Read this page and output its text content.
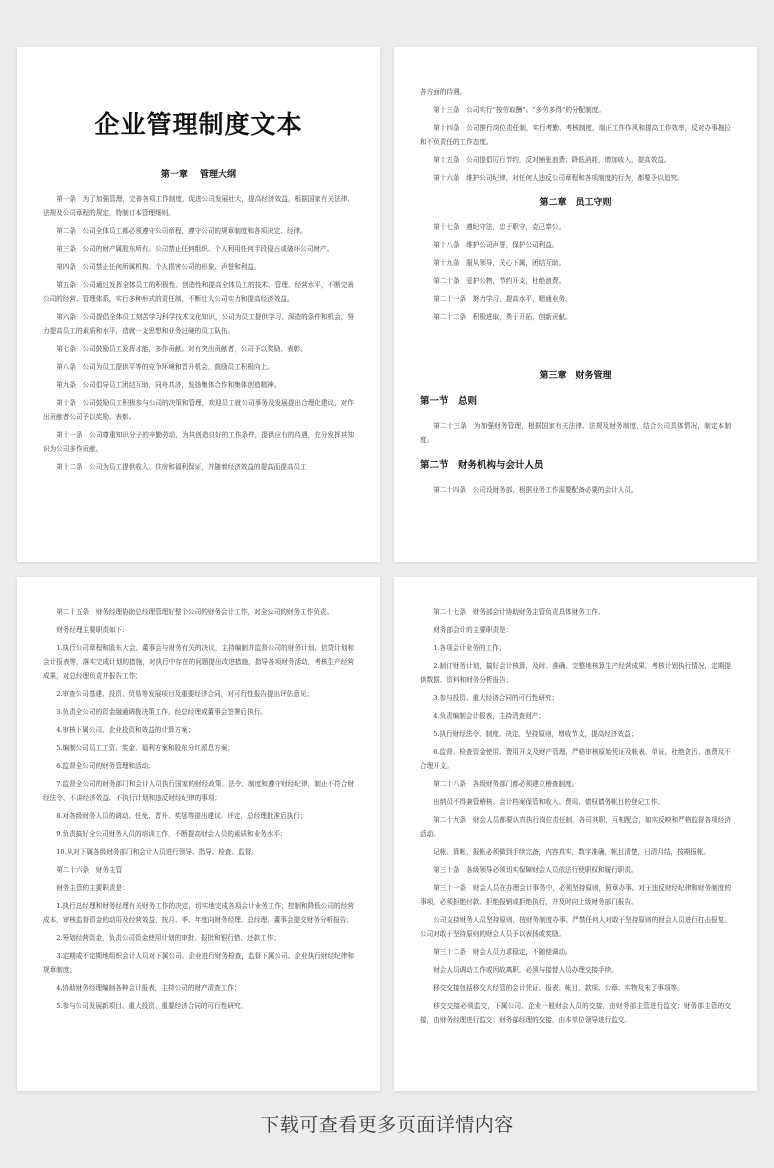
企业管理制度文本
第一章　 管理大纲

第一条　为了加强管理，完善各项工作制度，促进公司发展壮大，提高经济效益，根据国家有关法律、法规及公司章程的规定，特制订本管理细则。

第二条　公司全体员工都必须遵守公司章程，遵守公司的规章制度和各项决定、经律。

第三条　公司的财产属股东所有。公司禁止任何组织、个人利用任何手段侵占或破坏公司财产。

第四条　公司禁止任何所属机构、个人损害公司的形象、声誉和利益。

第五条　公司通过发挥全体员工的积极性、创造性和提高全体员工的技术、管理、经营水平，不断完善公司的经营、管理体系，实行多种形式的责任制，不断壮大公司实力和提高经济效益。

第六条　公司提倡全体员工刻苦学习科学技术文化知识，公司为员工提供学习、深造的条件和机会，努力提高员工的素质和水平，造就一支思想和业务过硬的员工队伍。

第七条　公司鼓励员工发挥才能，多作贡献。对有突出贡献者，公司予以奖励、表彰。

第八条　公司为员工提供平等的竞争环境和晋升机会，鼓励员工积极向上。

第九条　公司倡导员工团结互助，同舟共济，发扬集体合作和集体创造精神。

第十条　公司鼓励员工积极参与公司的决策和管理，欢迎员工就公司事务及发展提出合理化建议，对作出贡献者公司予以奖励、表彰。

第十一条　公司尊重知识分子的辛勤劳动，为其创造良好的工作条件，提供应有的待遇，充分发挥其知识为公司多作贡献。

第十二条　公司为员工提供收入、住房和福利保证，并随着经济效益的提高而提高员工

各方面的待遇。

第十三条　公司实行“按劳取酬”、“多劳多得”的分配制度。

第十四条　公司推行岗位责任制，实行考勤、考核制度，端正工作作风和提高工作效率，反对办事拖拉和不负责任的工作态度。

第十五条　公司提倡厉行节约，反对铺张浪费；降低消耗，增加收入，提高效益。

第十六条　维护公司纪律，对任何人违反公司章程和各项制度的行为，都要予以追究。

第二章　员工守则

第十七条　遵纪守法，忠于职守，克己奉公。

第十八条　维护公司声誉，保护公司利益。

第十九条　服从领导，关心下属，团结互助。

第二十条　爱护公物，节约开支，杜绝浪费。

第二十一条　努力学习，提高水平，精通业务。

第二十二条　积极进取，勇于开拓，创新贡献。

第三章　财务管理
第一节　总则

第二十三条　为加强财务管理，根据国家有关法律、法规及财务制度，结合公司具体情况，制定本制度。

第二节　财务机构与会计人员

第二十四条　公司设财务部，根据业务工作需要配备必要的会计人员。

第二十五条　财务经理协助总经理管理好整个公司的财务会计工作，对全公司的财务工作负责。

财务经理主要职责如下：

1.执行公司章程和股东大会、董事会与财务有关的决议，主持编制并监督公司的财务计划、信贷计划和会计报表等，落实完成计划的措施，对执行中存在的问题提出改进措施，指导各项财务活动，考核生产经营成果，对总经理负责并报告工作；

2.审查公司基建、投资、贸易等发展项目及重要经济合同，对可行性报告提出评估意见；

3.负责全公司的资金融通调拨决策工作，经总经理或董事会签署后执行。

4.审核下属公司、企业投资和效益的计算方案；

5.编制公司员工工资、奖金、福利方案和股东分红派息方案；

6.监督全公司的财务管理和活动；

7.监督全公司的财务部门和会计人员执行国家的财经政策、法令、制度和遵守财经纪律，制止不符合财经法令、不讲经济效益、不执行计划和违反财经纪律的事项；

8.对各级财务人员的调动、任免、晋升、奖惩等提出建议、评定，总经理批准后执行；

9.负责搞好全公司财务人员的培训工作，不断提高财会人员的素质和业务水平；

10.从对下属各级财务部门和会计人员进行领导、指导、检查、监督。

第二十六条　财务主管

财务主管的主要职责是：

1.执行总经理和财务经理有关财务工作的决定，切实地完成各项会计业务工作；控制和降低公司的经营成本，审核监督资金的动用及经营效益，按月、季、年度向财务经理、总经理、董事会提交财务分析报告；

2.筹划经营资金，负责公司资金使用计划的审批、报批和银行借、还款工作；

3.定期或不定期地组织会计人员对下属公司、企业进行财务检查，监督下属公司、企业执行财经纪律和规章制度；

4.协助财务经理编制各种会计报表，主持公司的财产清查工作；

5.参与公司发展新项目、重大投资、重要经济合同的可行性研究。

第二十七条　财务部会计协助财务主管负责具体财务工作。

财务部会计的主要职责是：

1.各项会计业务的工作；

2.制订财务计划，搞好会计核算，及时、准确、完整地核算生产经营成果，考核计划执行情况，定期提供数据、资料和财务分析报告；

3.参与投资、重大经济合同的可行性研究；

4.负责编制会计报表，主持清查财产；

5.执行财经法令、制度、决定，坚持原则，增收节支，提高经济效益；

6.监督、检查资金使用、费用开支及财产管理，严格审核原始凭证及帐表、单证，杜绝贪污、浪费及不合理开支。

第二十八条　各级财务部门都必须建立稽查制度。

出纳员不得兼管稽核、会计档案保管和收入、费用、债权债务帐目的登记工作。

第二十九条　财会人员都要认真执行岗位责任制，各司其职，互相配合，如实反映和严格监督各项经济活动。

记帐、算帐、报帐必须做到手续完备，内容真实，数字准确，帐目清楚，日清月结，按期报帐。

第三十条　各级领导必须切实保障财会人员依法行使职权和履行职责。

第三十一条　财会人员在办理会计事务中，必须坚持原则，照章办事。对于违反财经纪律和财务制度的事项，必须拒绝付款、拒绝报销或拒绝执行，并及时向上级财务部门报告。

公司支持财务人员坚持原则，按财务制度办事。严禁任何人对敢于坚持原则的财会人员进行打击报复。公司对敢于坚持原则的财会人员予以表扬或奖励。

第三十二条　财会人员力求稳定，不随便调动。

财会人员调动工作或因故离职，必须与接替人员办理交接手续。

移交交接包括移交人经管的会计凭证、报表、帐目、款项、公章、实物及未了事项等。

移交交接必须监交，下属公司、企业一般财会人员的交接，由财务部主管进行监交；财务部主管的交接，由财务经理进行监交；财务部经理的交接，由本单位领导进行监交。

下载可查看更多页面详情内容
